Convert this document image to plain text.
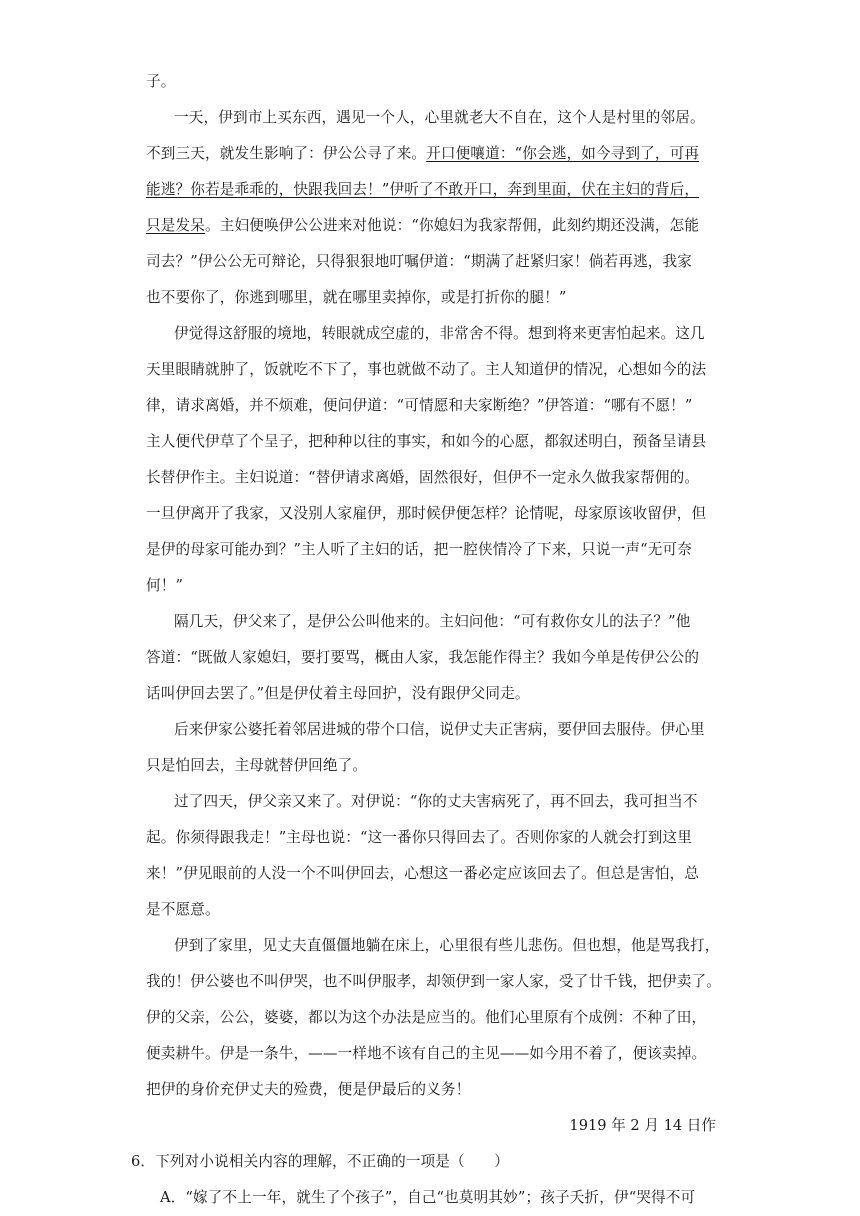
子。
一天，伊到市上买东西，遇见一个人，心里就老大不自在，这个人是村里的邻居。
不到三天，就发生影响了：伊公公寻了来。开口便嚷道：“你会逃，如今寻到了，可再
能逃？你若是乖乖的，快跟我回去！”伊听了不敢开口，奔到里面，伏在主妇的背后，
只是发呆。主妇便唤伊公公进来对他说：“你媳妇为我家帮佣，此刻约期还没满，怎能
司去？”伊公公无可辩论，只得狠狠地叮嘱伊道：“期满了赶紧归家！倘若再逃，我家
也不要你了，你逃到哪里，就在哪里卖掉你，或是打折你的腿！”
伊觉得这舒服的境地，转眼就成空虚的，非常舍不得。想到将来更害怕起来。这几
天里眼睛就肿了，饭就吃不下了，事也就做不动了。主人知道伊的情况，心想如今的法
律，请求离婚，并不烦难，便问伊道：“可情愿和夫家断绝？”伊答道：“哪有不愿！”
主人便代伊草了个呈子，把种种以往的事实，和如今的心愿，都叙述明白，预备呈请县
长替伊作主。主妇说道：“替伊请求离婚，固然很好，但伊不一定永久做我家帮佣的。
一旦伊离开了我家，又没别人家雇伊，那时候伊便怎样？论情呢，母家原该收留伊，但
是伊的母家可能办到？”主人听了主妇的话，把一腔侠情冷了下来，只说一声“无可奈
何！”
隔几天，伊父来了，是伊公公叫他来的。主妇问他：“可有救你女儿的法子？”他
答道：“既做人家媳妇，要打要骂，概由人家，我怎能作得主？我如今单是传伊公公的
话叫伊回去罢了。”但是伊仗着主母回护，没有跟伊父同走。
后来伊家公婆托着邻居进城的带个口信，说伊丈夫正害病，要伊回去服侍。伊心里
只是怕回去，主母就替伊回绝了。
过了四天，伊父亲又来了。对伊说：“你的丈夫害病死了，再不回去，我可担当不
起。你须得跟我走！”主母也说：“这一番你只得回去了。否则你家的人就会打到这里
来！”伊见眼前的人没一个不叫伊回去，心想这一番必定应该回去了。但总是害怕，总
是不愿意。
伊到了家里，见丈夫直僵僵地躺在床上，心里很有些儿悲伤。但也想，他是骂我打，
我的！伊公婆也不叫伊哭，也不叫伊服孝，却领伊到一家人家，受了廿千钱，把伊卖了。
伊的父亲，公公，婆婆，都以为这个办法是应当的。他们心里原有个成例：不种了田，
便卖耕牛。伊是一条牛，——一样地不该有自己的主见——如今用不着了，便该卖掉。
把伊的身价充伊丈夫的殓费，便是伊最后的义务！
1919 年 2 月 14 日作
6．下列对小说相关内容的理解，不正确的一项是（　　）
A．“嫁了不上一年，就生了个孩子”，自己“也莫明其妙”；孩子夭折，伊“哭得不可
